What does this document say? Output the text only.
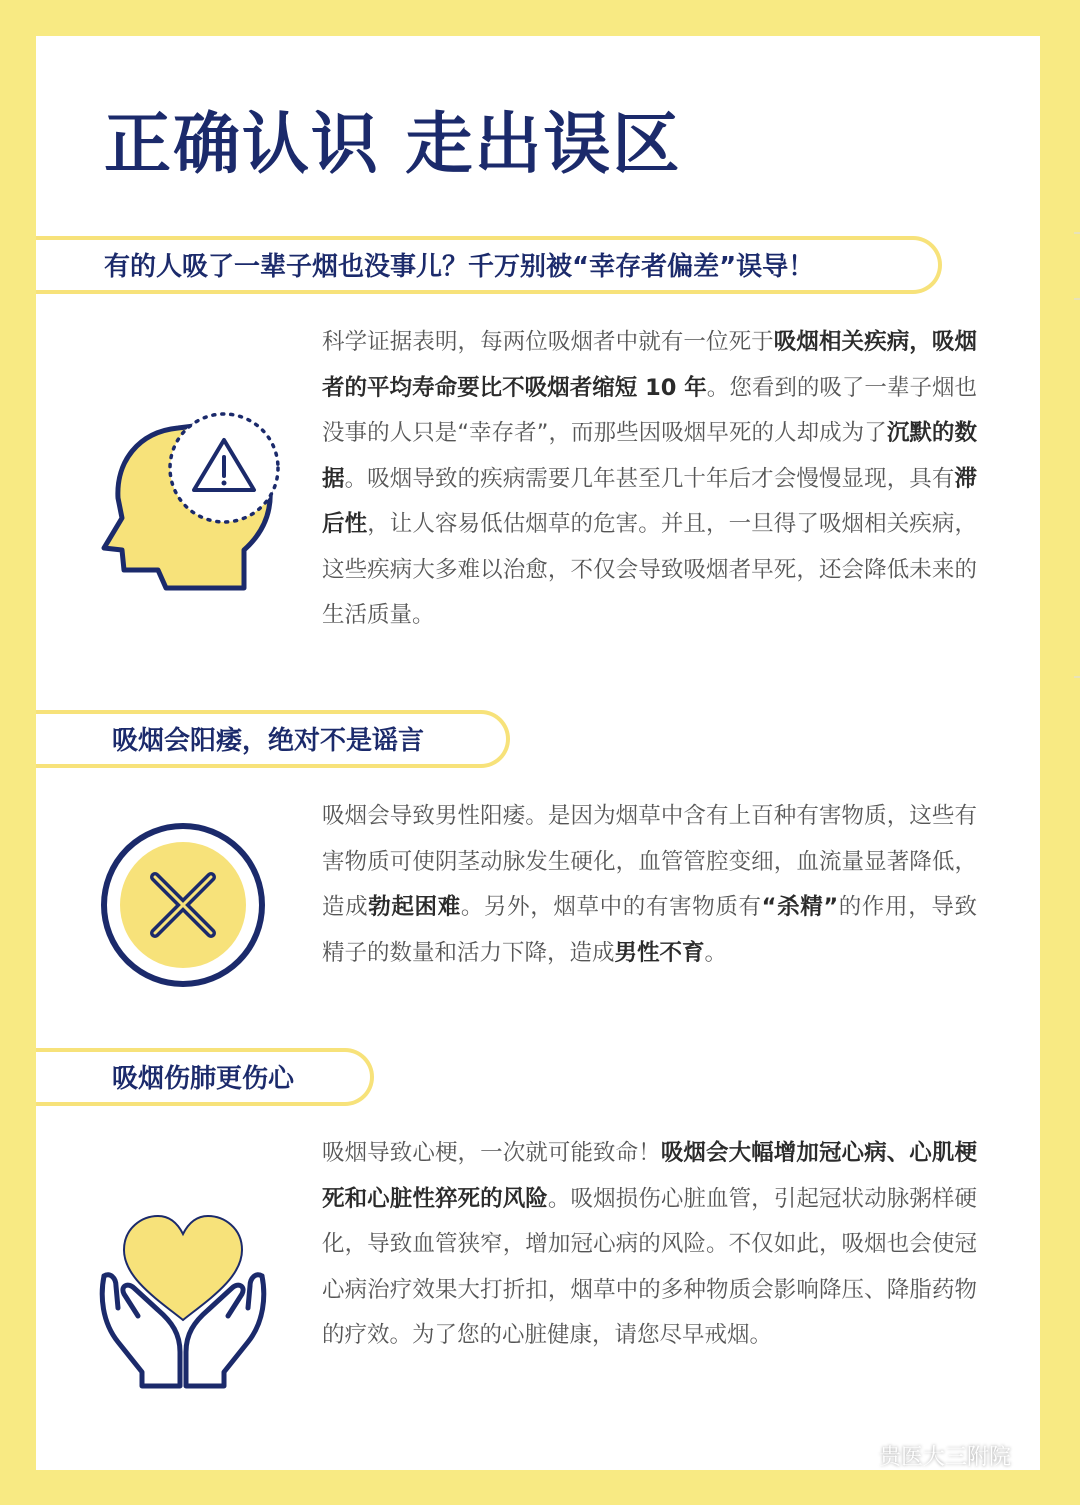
正确认识 走出误区
有的人吸了一辈子烟也没事儿？千万别被“幸存者偏差”误导！
科学证据表明，每两位吸烟者中就有一位死于吸烟相关疾病，吸烟者的平均寿命要比不吸烟者缩短 10 年。您看到的吸了一辈子烟也没事的人只是“幸存者”，而那些因吸烟早死的人却成为了沉默的数据。吸烟导致的疾病需要几年甚至几十年后才会慢慢显现，具有滞后性，让人容易低估烟草的危害。并且，一旦得了吸烟相关疾病，这些疾病大多难以治愈，不仅会导致吸烟者早死，还会降低未来的生活质量。
吸烟会阳痿，绝对不是谣言
吸烟会导致男性阳痿。是因为烟草中含有上百种有害物质，这些有害物质可使阴茎动脉发生硬化，血管管腔变细，血流量显著降低，造成勃起困难。另外，烟草中的有害物质有“杀精”的作用，导致精子的数量和活力下降，造成男性不育。
吸烟伤肺更伤心
吸烟导致心梗，一次就可能致命！吸烟会大幅增加冠心病、心肌梗死和心脏性猝死的风险。吸烟损伤心脏血管，引起冠状动脉粥样硬化，导致血管狭窄，增加冠心病的风险。不仅如此，吸烟也会使冠心病治疗效果大打折扣，烟草中的多种物质会影响降压、降脂药物的疗效。为了您的心脏健康，请您尽早戒烟。
贵医大三附院
